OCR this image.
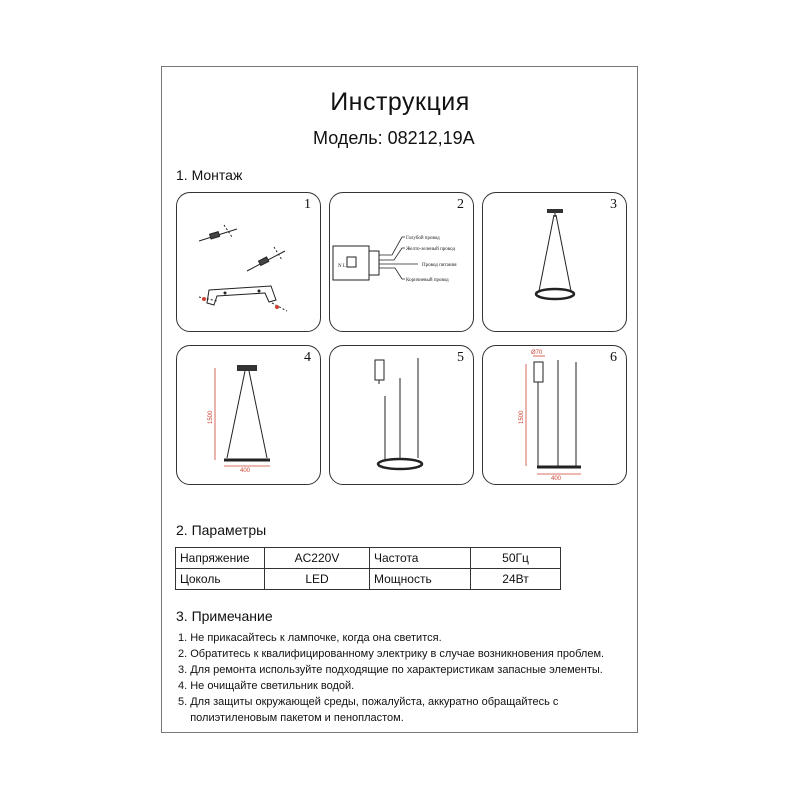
Инструкция
Модель: 08212,19A
1. Монтаж
1	2
N L
Голубой провод
Желто-зеленый провод
Провод питания
Коричневый провод
3
4
1500
400
5	6
Ø70
1500
400
2. Параметры
Напряжение	AC220V	Частота	50Гц
Цоколь	LED	Мощность	24Вт
3. Примечание
1. Не прикасайтесь к лампочке, когда она светится.
2. Обратитесь к квалифицированному электрику в случае возникновения проблем.
3. Для ремонта используйте подходящие по характеристикам запасные элементы.
4. Не очищайте светильник водой.
5. Для защиты окружающей среды, пожалуйста, аккуратно обращайтесь с
полиэтиленовым пакетом и пенопластом.
